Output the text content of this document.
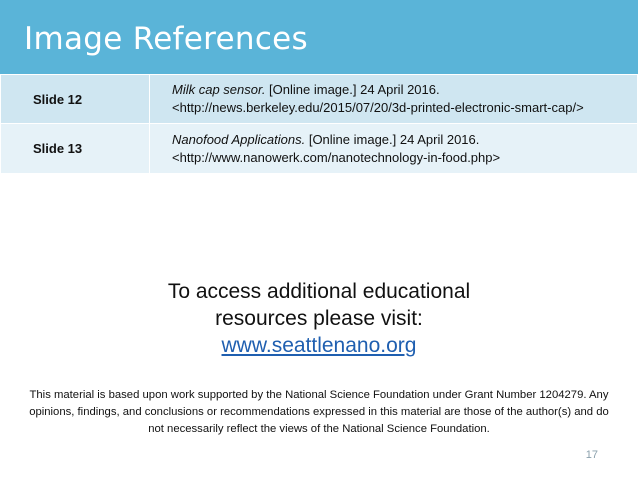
Image References
Slide 12	Milk cap sensor. [Online image.] 24 April 2016.
<http://news.berkeley.edu/2015/07/20/3d-printed-electronic-smart-cap/>
Slide 13	Nanofood Applications. [Online image.] 24 April 2016.
<http://www.nanowerk.com/nanotechnology-in-food.php>
To access additional educational
resources please visit:
www.seattlenano.org
This material is based upon work supported by the National Science Foundation under Grant Number 1204279. Any opinions, findings, and conclusions or recommendations expressed in this material are those of the author(s) and do not necessarily reflect the views of the National Science Foundation.
17
